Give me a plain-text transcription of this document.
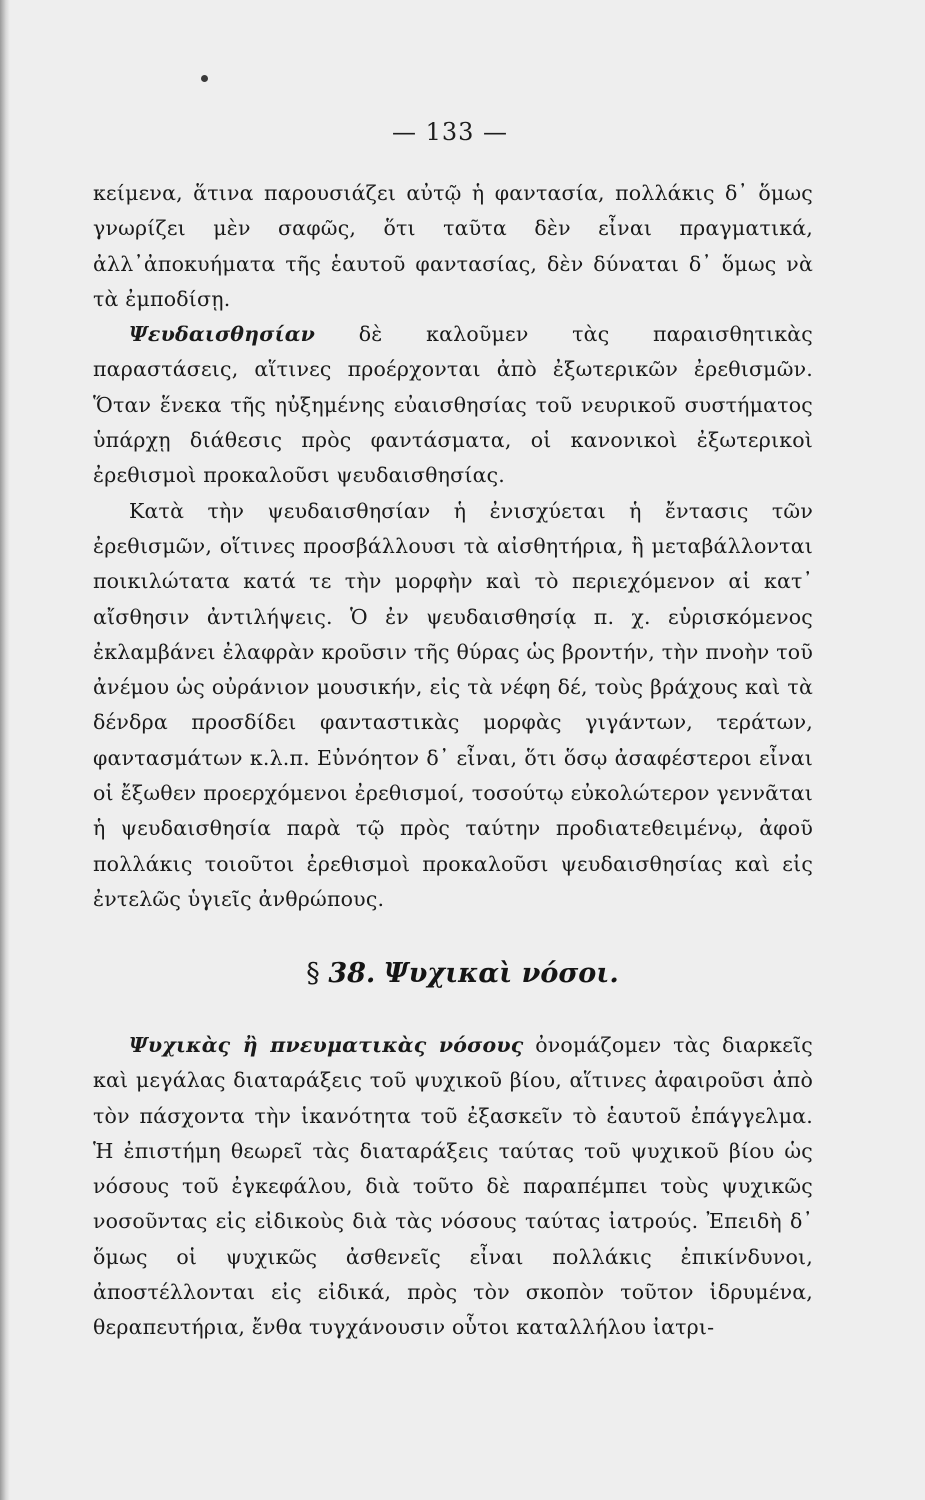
— 133 —

κείμενα, ἅτινα παρουσιάζει αὐτῷ ἡ φαντασία, πολλάκις δ᾽ ὅμως γνωρίζει μὲν σαφῶς, ὅτι ταῦτα δὲν εἶναι πραγματικά, ἀλλ᾽ἀποκυήματα τῆς ἑαυτοῦ φαντασίας, δὲν δύναται δ᾽ ὅμως νὰ τὰ ἐμποδίσῃ.

Ψευδαισθησίαν δὲ καλοῦμεν τὰς παραισθητικὰς παραστάσεις, αἵτινες προέρχονται ἀπὸ ἐξωτερικῶν ἐρεθισμῶν. Ὅταν ἕνεκα τῆς ηὐξημένης εὐαισθησίας τοῦ νευρικοῦ συστήματος ὑπάρχῃ διάθεσις πρὸς φαντάσματα, οἱ κανονικοὶ ἐξωτερικοὶ ἐρεθισμοὶ προκαλοῦσι ψευδαισθησίας.

Κατὰ τὴν ψευδαισθησίαν ἡ ἐνισχύεται ἡ ἔντασις τῶν ἐρεθισμῶν, οἵτινες προσβάλλουσι τὰ αἰσθητήρια, ἢ μεταβάλλονται ποικιλώτατα κατά τε τὴν μορφὴν καὶ τὸ περιεχόμενον αἱ κατ᾽ αἴσθησιν ἀντιλήψεις. Ὁ ἐν ψευδαισθησίᾳ π. χ. εὑρισκόμενος ἐκλαμβάνει ἐλαφρὰν κροῦσιν τῆς θύρας ὡς βροντήν, τὴν πνοὴν τοῦ ἀνέμου ὡς οὐράνιον μουσικήν, εἰς τὰ νέφη δέ, τοὺς βράχους καὶ τὰ δένδρα προσδίδει φανταστικὰς μορφὰς γιγάντων, τεράτων, φαντασμάτων κ.λ.π. Εὐνόητον δ᾽ εἶναι, ὅτι ὅσῳ ἀσαφέστεροι εἶναι οἱ ἔξωθεν προερχόμενοι ἐρεθισμοί, τοσούτῳ εὐκολώτερον γεννᾶται ἡ ψευδαισθησία παρὰ τῷ πρὸς ταύτην προδιατεθειμένῳ, ἀφοῦ πολλάκις τοιοῦτοι ἐρεθισμοὶ προκαλοῦσι ψευδαισθησίας καὶ εἰς ἐντελῶς ὑγιεῖς ἀνθρώπους.

§ 38. Ψυχικαὶ νόσοι.

Ψυχικὰς ἢ πνευματικὰς νόσους ὀνομάζομεν τὰς διαρκεῖς καὶ μεγάλας διαταράξεις τοῦ ψυχικοῦ βίου, αἵτινες ἀφαιροῦσι ἀπὸ τὸν πάσχοντα τὴν ἱκανότητα τοῦ ἐξασκεῖν τὸ ἑαυτοῦ ἐπάγγελμα. Ἡ ἐπιστήμη θεωρεῖ τὰς διαταράξεις ταύτας τοῦ ψυχικοῦ βίου ὡς νόσους τοῦ ἐγκεφάλου, διὰ τοῦτο δὲ παραπέμπει τοὺς ψυχικῶς νοσοῦντας εἰς εἰδικοὺς διὰ τὰς νόσους ταύτας ἰατρούς. Ἐπειδὴ δ᾽ ὅμως οἱ ψυχικῶς ἀσθενεῖς εἶναι πολλάκις ἐπικίνδυνοι, ἀποστέλλονται εἰς εἰδικά, πρὸς τὸν σκοπὸν τοῦτον ἱδρυμένα, θεραπευτήρια, ἔνθα τυγχάνουσιν οὗτοι καταλλήλου ἰατρι-
